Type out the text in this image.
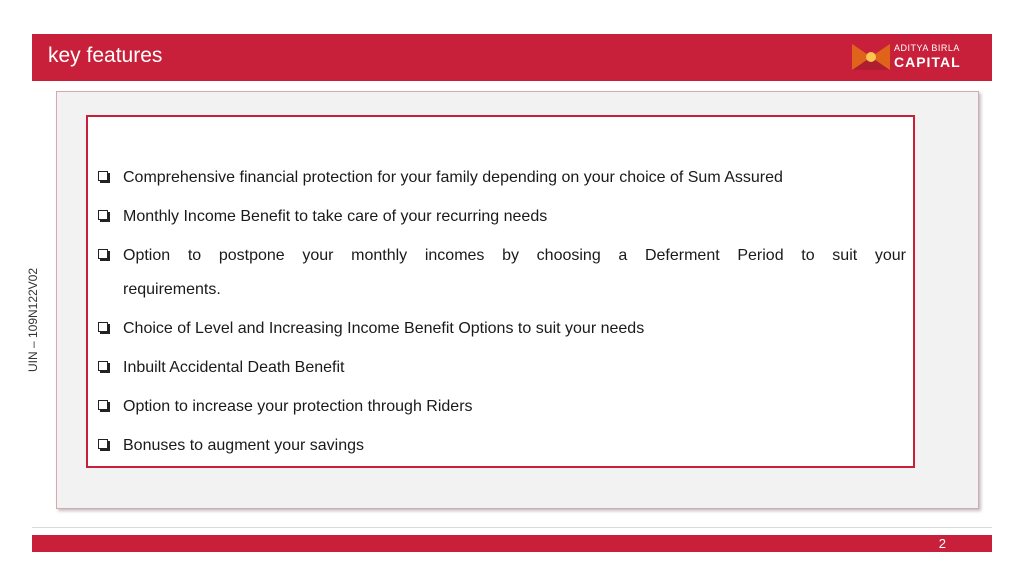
key features	ADITYA BIRLA
CAPITAL
UIN – 109N122V02
Comprehensive financial protection for your family depending on your choice of Sum Assured
Monthly Income Benefit to take care of your recurring needs
Option to postpone your monthly incomes by choosing a Deferment Period to suit your
requirements.
Choice of Level and Increasing Income Benefit Options to suit your needs
Inbuilt Accidental Death Benefit
Option to increase your protection through Riders
Bonuses to augment your savings
2
